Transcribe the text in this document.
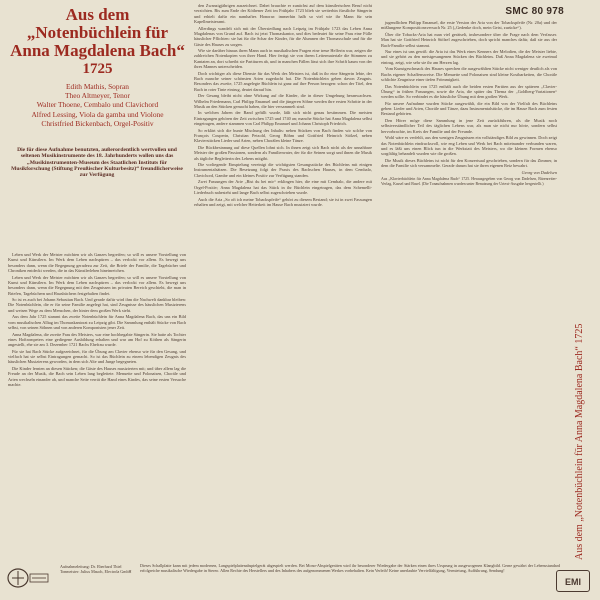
SMC 80 978
Aus dem
„Notenbüchlein für
Anna Magdalena Bach“
1725
Edith Mathis, Sopran
Theo Altmeyer, Tenor
Walter Thoene, Cembalo und Clavichord
Alfred Lessing, Viola da gamba und Violone
Christfried Bickenbach, Orgel-Positiv
Die für diese Aufnahme benutzten, außerordentlich wertvollen und seltenen Musikinstrumente des 18. Jahrhunderts wollen uns das „Musikinstrumenten-Museum des Staatlichen Instituts für Musikforschung (Stiftung Preußischer Kulturbesitz)“ freundlicherweise zur Verfügung

Leben und Werk der Meister möchten wir als Ganzes begreifen; so will es unsere Vorstellung von Kunst und Künstlern. Im Werk dem Leben nachspüren – das verlockt vor allem. Es bewegt uns besonders dann, wenn die Begegnung geradezu zur Zeit, die Briefe der Familie, die Tagebücher und Chroniken entdeckt werden, die in das Künstlerleben hineinreichen.

Leben und Werk der Meister möchten wir als Ganzes begreifen; so will es unsere Vorstellung von Kunst und Künstlern. Im Werk dem Leben nachspüren – das verlockt vor allem. Es bewegt uns besonders dann, wenn die Begegnung mit den Zeugnissen im privaten Bereich geschieht, die man in Briefen, Tagebüchern und Hausbüchern festgehalten findet.

So ist es auch bei Johann Sebastian Bach. Und gerade dafür wird ihm die Nachwelt dankbar bleiben: Die Notenbüchlein, die er für seine Familie angelegt hat, sind Zeugnisse des häuslichen Musizierens und weisen Wege zu dem Menschen, der hinter dem großen Werk steht.

Aus dem Jahr 1725 stammt das zweite Notenbüchlein für Anna Magdalena Bach, das uns ein Bild vom musikalischen Alltag im Thomaskantorat zu Leipzig gibt. Die Sammlung enthält Stücke von Bach selbst, von seinen Söhnen und von anderen Komponisten jener Zeit.

Anna Magdalena, die zweite Frau des Meisters, war eine hochbegabte Sängerin. Sie hatte als Tochter eines Hoftrompeters eine gediegene Ausbildung erhalten und war am Hof zu Köthen als Sängerin angestellt, ehe sie am 3. Dezember 1721 Bachs Ehefrau wurde.

Für sie hat Bach Stücke aufgezeichnet, für die Übung am Clavier ebenso wie für den Gesang, und vielfach hat sie selbst Eintragungen gemacht. So ist das Büchlein zu einem lebendigen Zeugnis des häuslichen Musizierens geworden, in dem sich Alte und Junge begegneten.

Die Kinder lernten an diesen Stücken; die Gäste des Hauses musizierten mit; und über allem lag die Freude an der Musik, die Bach sein Leben lang begleitete. Menuette und Polonaisen, Choräle und Arien wechseln einander ab, und manche Seite verrät die Hand eines Kindes, das seine ersten Versuche machte.

den Zwanzigjährigen auszeichnet. Dabei brauchte er zunächst auf dem künstlerischen Beruf nicht verzichten. Bis zum Ende der Köthener Zeit im Frühjahr 1723 blieb sie weiterhin fürstliche Sängerin und erhielt dafür ein namhaftes Honorar: immerhin halb so viel wie ihr Mann für sein Kapellmeisteramt.

Allerdings wandelt sich mit der Übersiedlung nach Leipzig im Frühjahr 1723 das Leben Anna Magdalenas von Grund auf. Bach ist jetzt Thomaskantor, und dies bedeutet für seine Frau eine Fülle häuslicher Pflichten: sie hat für die Schar der Kinder, für die Alumnen der Thomasschule und für die Gäste des Hauses zu sorgen.

Wie sie darüber hinaus ihren Mann auch in musikalischen Fragen eine treue Helferin war, zeigen die zahlreichen Notenkopien von ihrer Hand. Hier fertigt sie von ihrem Leitermateriale die Stimmen zu Kantaten an, dort schreibt sie Partituren ab, und in manchen Fällen lässt sich ihre Schrift kaum von der ihres Mannes unterscheiden.

Doch wichtiger als diese Dienste für das Werk des Meisters ist, daß in ihr eine Sängerin lebte, der Bach manche seiner schönsten Arien zugedacht hat. Die Notenbüchlein geben davon Zeugnis. Besonders das zweite, 1725 angelegte Büchlein ist ganz auf ihre Person bezogen: schon der Titel, den Bach in roter Tinte eintrug, deutet darauf hin.

Der Gesang bleibt nicht ohne Wirkung auf die Kinder, die in dieser Umgebung heranwachsen. Wilhelm Friedemann, Carl Philipp Emanuel und die jüngeren Söhne werden ihre ersten Schritte in der Musik an den Stücken gemacht haben, die hier versammelt sind.

In welchen Jahren der Band gefüllt wurde, läßt sich nicht genau bestimmen. Die meisten Eintragungen gehören der Zeit zwischen 1725 und 1740 an; manche Stücke hat Anna Magdalena selbst eingetragen, andere stammen von Carl Philipp Emanuel und Johann Christoph Friedrich.

So erklärt sich die bunte Mischung des Inhalts: neben Stücken von Bach finden wir solche von François Couperin, Christian Petzold, Georg Böhm und Gottfried Heinrich Stölzel, neben Klavierstücken Lieder und Arien, neben Chorälen kleine Tänze.

Die Rückbesinnung auf diese Quellen lohnt sich. In ihnen zeigt sich Bach nicht als der unnahbare Meister der großen Passionen, sondern als Familienvater, der für die Seinen sorgt und ihnen die Musik als tägliche Begleiterin des Lebens mitgibt.

Die vorliegende Einspielung vereinigt die wichtigsten Gesangsstücke des Büchleins mit einigen Instrumentalsätzen. Die Besetzung folgt der Praxis des Bachschen Hauses, in dem Cembalo, Clavichord, Gambe und ein kleines Positiv zur Verfügung standen.

Zwei Fassungen der Arie „Bist du bei mir“ erklingen hier, die eine mit Cembalo, die andere mit Orgel-Positiv; Anna Magdalena hat das Stück in ihr Büchlein eingetragen, das dem Schemelli-Liederbuch nahesteht und lange Bach selbst zugeschrieben wurde.

Auch die Aria „So oft ich meine Tobackspfeife“ gehört zu diesem Bestand; sie ist in zwei Fassungen erhalten und zeigt, mit welcher Heiterkeit im Hause Bach musiziert wurde.

jugendlichen Philipp Emanuel, die erste Version der Aria von der Tobackspfeife (Nr. 20a) und der mißlungene Kompositionsversuch Nr. 25 („Gedenke doch, mein Geist, zurücke“).

Über die Tobacks-Aria hat man viel gerätselt, insbesondere über die Frage nach dem Verfasser. Man hat sie Gottfried Heinrich Stölzel zugeschrieben, doch spricht manches dafür, daß sie aus der Bach-Familie selbst stammt.

Nur eines ist uns gewiß: die Aria ist das Werk eines Kenners der Melodien, die der Meister liebte, und sie gehört zu den meistgesungenen Stücken des Büchleins. Daß Anna Magdalena sie zweimal eintrug, zeigt, wie sehr sie ihr am Herzen lag.

Vom Kunstgeschmack des Hauses sprechen die ausgewählten Stücke nicht weniger deutlich als von Bachs eigener Schaffensweise. Die Menuette und Polonaisen sind kleine Kostbarkeiten, die Choräle schlichte Zeugnisse einer tiefen Frömmigkeit.

Das Notenbüchlein von 1725 enthält auch die beiden ersten Partiten aus der späteren „Clavier-Übung“ in frühen Fassungen, sowie die Aria, die später das Thema der „Goldberg-Variationen“ werden sollte. So verbindet es die häusliche Übung mit dem großen Werk.

Für unsere Aufnahme wurden Stücke ausgewählt, die ein Bild von der Vielfalt des Büchleins geben: Lieder und Arien, Choräle und Tänze, dazu Instrumentalstücke, die im Hause Bach zum festen Bestand gehörten.

Den Hörer möge diese Sammlung in jene Zeit zurückführen, als die Musik noch selbstverständlicher Teil des täglichen Lebens war, als man sie nicht nur hörte, sondern selbst hervorbrachte, im Kreis der Familie und der Freunde.

Wohl wäre es verfehlt, aus den wenigen Zeugnissen ein vollständiges Bild zu gewinnen. Doch zeigt das Notenbüchlein eindrucksvoll, wie eng Leben und Werk bei Bach miteinander verbunden waren, und es läßt uns einen Blick tun in die Werkstatt des Meisters, wo die kleinen Formen ebenso sorgfältig behandelt wurden wie die großen.

Die Musik dieses Büchleins ist nicht für den Konzertsaal geschrieben, sondern für das Zimmer, in dem die Familie sich versammelte. Gerade darum hat sie ihren eigenen Reiz bewahrt.

Georg von Dadelsen
Aus „Klavierbüchlein für Anna Magdalena Bach“ 1725. Herausgegeben von Georg von Dadelsen, Bärenreiter-Verlag, Kassel und Basel. (Die Tonaufnahmen wurden unter Benutzung der Urtext-Ausgabe hergestellt.)
Aus dem „Notenbüchlein für Anna Magdalena Bach“ 1725
Aufnahmeleitung: Dr. Eberhard Thiel
Tonmeister: Julius Mauch, Electrola GmbH
Dieses Schallplatte kann mit jedem modernen, Langspielplattenabspielgerät abgespielt werden. Bei Mono-Abspielgeräten wird ihr besonderer Wiedergabe der Stärken einen ihres Ursprung in ausgewogenen Klangbild. Gerne gewährt der Lebensstandard erfolgreiche musikalische Wiedergabe in Stereo. Allen Rechte des Herstellers und des Inhabers des aufgenommenen Werkes vorbehalten. Kein Verleih! Keine unerlaubte Vervielfältigung, Vermietung, Aufführung, Sendung!
EMI
